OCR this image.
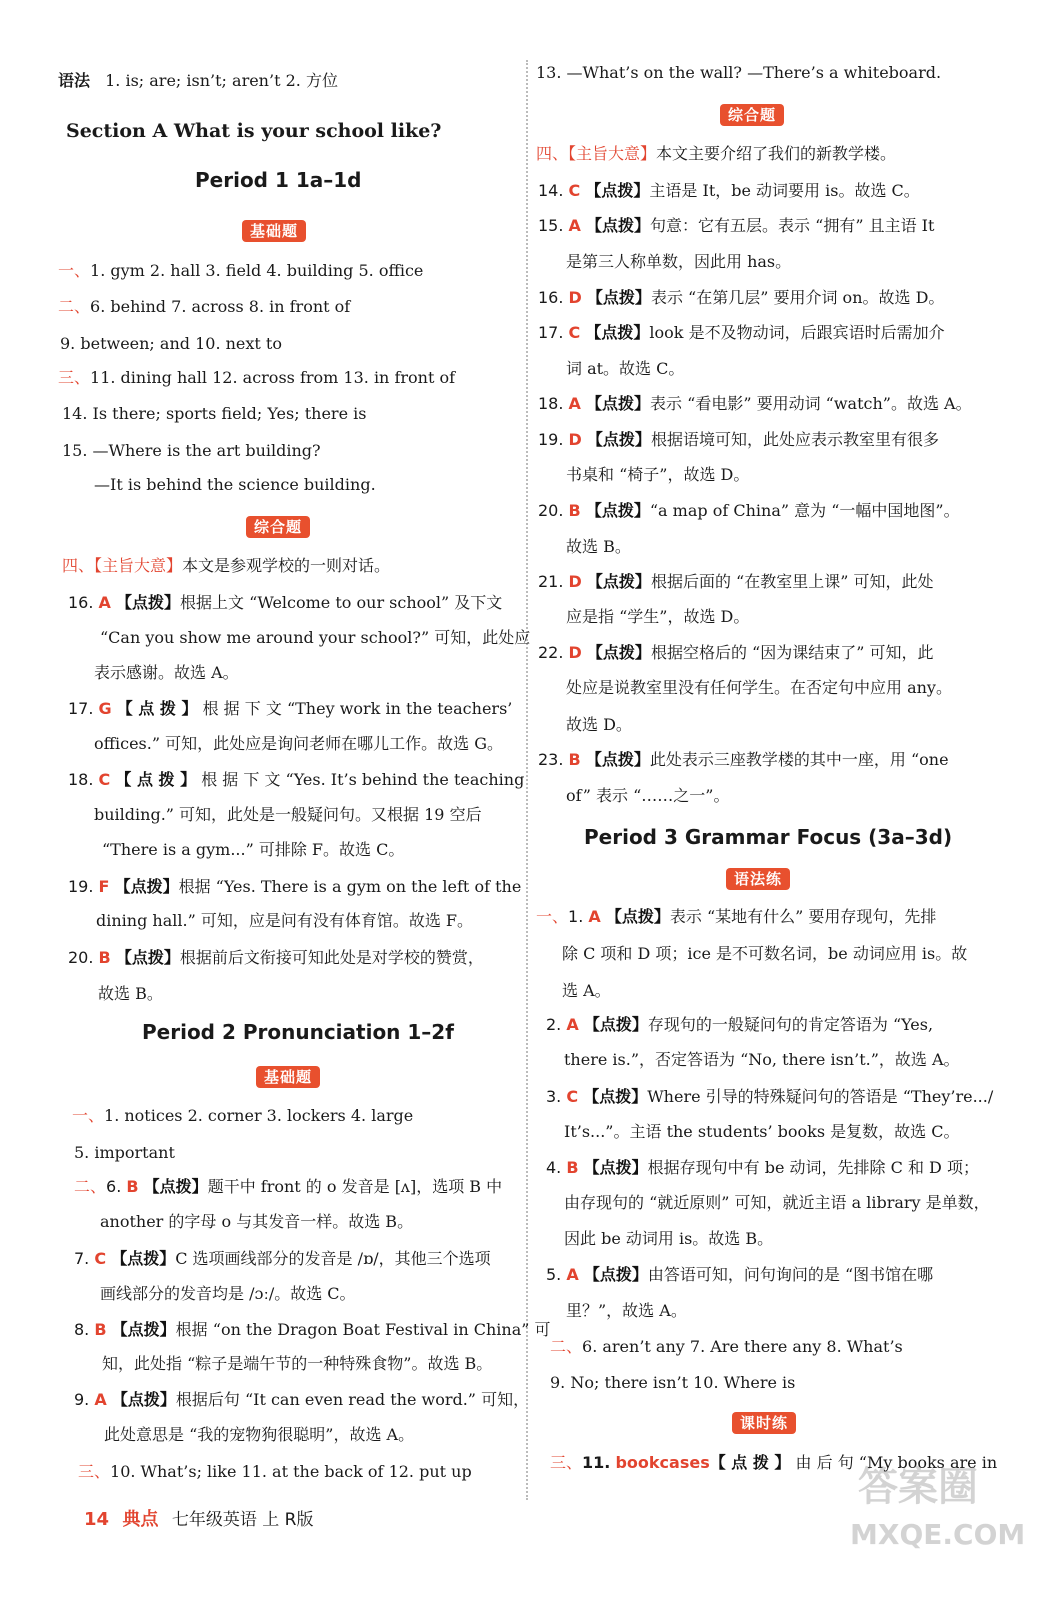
语法 1. is; are; isn’t; aren’t 2. 方位
Section A What is your school like?
Period 1 1a–1d
基础题
一、1. gym 2. hall 3. field 4. building 5. office
二、6. behind 7. across 8. in front of
9. between; and 10. next to
三、11. dining hall 12. across from 13. in front of
14. Is there; sports field; Yes; there is
15. —Where is the art building?
—It is behind the science building.
综合题
四、【主旨大意】本文是参观学校的一则对话。
16. A 【点拨】根据上文 “Welcome to our school” 及下文
“Can you show me around your school?” 可知，此处应
表示感谢。故选 A。
17. G 【 点 拨 】 根 据 下 文 “They work in the teachers’
offices.” 可知，此处应是询问老师在哪儿工作。故选 G。
18. C 【 点 拨 】 根 据 下 文 “Yes. It’s behind the teaching
building.” 可知，此处是一般疑问句。又根据 19 空后
“There is a gym...” 可排除 F。故选 C。
19. F 【点拨】根据 “Yes. There is a gym on the left of the
dining hall.” 可知，应是问有没有体育馆。故选 F。
20. B 【点拨】根据前后文衔接可知此处是对学校的赞赏，
故选 B。
Period 2 Pronunciation 1–2f
基础题
一、1. notices 2. corner 3. lockers 4. large
5. important
二、6. B 【点拨】题干中 front 的 o 发音是 [ʌ]，选项 B 中
another 的字母 o 与其发音一样。故选 B。
7. C 【点拨】C 选项画线部分的发音是 /ɒ/，其他三个选项
画线部分的发音均是 /ɔː/。故选 C。
8. B 【点拨】根据 “on the Dragon Boat Festival in China” 可
知，此处指 “粽子是端午节的一种特殊食物”。故选 B。
9. A 【点拨】根据后句 “It can even read the word.” 可知，
此处意思是 “我的宠物狗很聪明”，故选 A。
三、10. What’s; like 11. at the back of 12. put up
13. —What’s on the wall? —There’s a whiteboard.
综合题
四、【主旨大意】本文主要介绍了我们的新教学楼。
14. C 【点拨】主语是 It，be 动词要用 is。故选 C。
15. A 【点拨】句意：它有五层。表示 “拥有” 且主语 It
是第三人称单数，因此用 has。
16. D 【点拨】表示 “在第几层” 要用介词 on。故选 D。
17. C 【点拨】look 是不及物动词，后跟宾语时后需加介
词 at。故选 C。
18. A 【点拨】表示 “看电影” 要用动词 “watch”。故选 A。
19. D 【点拨】根据语境可知，此处应表示教室里有很多
书桌和 “椅子”，故选 D。
20. B 【点拨】“a map of China” 意为 “一幅中国地图”。
故选 B。
21. D 【点拨】根据后面的 “在教室里上课” 可知，此处
应是指 “学生”，故选 D。
22. D 【点拨】根据空格后的 “因为课结束了” 可知，此
处应是说教室里没有任何学生。在否定句中应用 any。
故选 D。
23. B 【点拨】此处表示三座教学楼的其中一座，用 “one
of” 表示 “……之一”。
Period 3 Grammar Focus (3a–3d)
语法练
一、1. A 【点拨】表示 “某地有什么” 要用存现句，先排
除 C 项和 D 项；ice 是不可数名词，be 动词应用 is。故
选 A。
2. A 【点拨】存现句的一般疑问句的肯定答语为 “Yes,
there is.”，否定答语为 “No, there isn’t.”，故选 A。
3. C 【点拨】Where 引导的特殊疑问句的答语是 “They’re.../
It’s...”。主语 the students’ books 是复数，故选 C。
4. B 【点拨】根据存现句中有 be 动词，先排除 C 和 D 项；
由存现句的 “就近原则” 可知，就近主语 a library 是单数，
因此 be 动词用 is。故选 B。
5. A 【点拨】由答语可知，问句询问的是 “图书馆在哪
里？”，故选 A。
二、6. aren’t any 7. Are there any 8. What’s
9. No; there isn’t 10. Where is
课时练
三、11. bookcases【 点 拨 】 由 后 句 “My books are in
14 典点 七年级英语 上 R版
答案圈
MXQE.COM
